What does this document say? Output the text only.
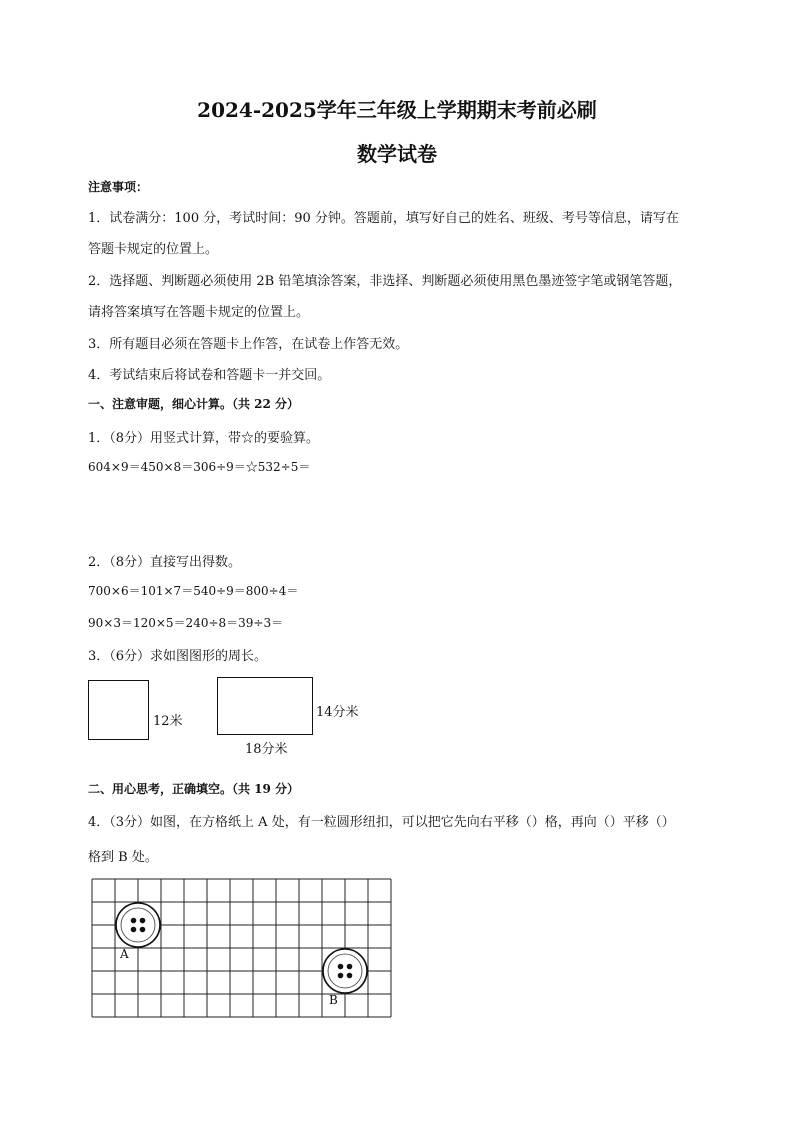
2024-2025学年三年级上学期期末考前必刷
数学试卷
注意事项：
1．试卷满分：100 分，考试时间：90 分钟。答题前，填写好自己的姓名、班级、考号等信息，请写在
答题卡规定的位置上。
2．选择题、判断题必须使用 2B 铅笔填涂答案，非选择、判断题必须使用黑色墨迹签字笔或钢笔答题，
请将答案填写在答题卡规定的位置上。
3．所有题目必须在答题卡上作答，在试卷上作答无效。
4．考试结束后将试卷和答题卡一并交回。
一、注意审题，细心计算。（共 22 分）
1．（8分）用竖式计算，带☆的要验算。
604×9＝450×8＝306÷9＝☆532÷5＝
2．（8分）直接写出得数。
700×6＝101×7＝540÷9＝800÷4＝
90×3＝120×5＝240÷8＝39÷3＝
3．（6分）求如图图形的周长。
12米
14分米
18分米
二、用心思考，正确填空。（共 19 分）
4．（3分）如图，在方格纸上 A 处，有一粒圆形纽扣，可以把它先向右平移（）格，再向（）平移（）
格到 B 处。
A
B
